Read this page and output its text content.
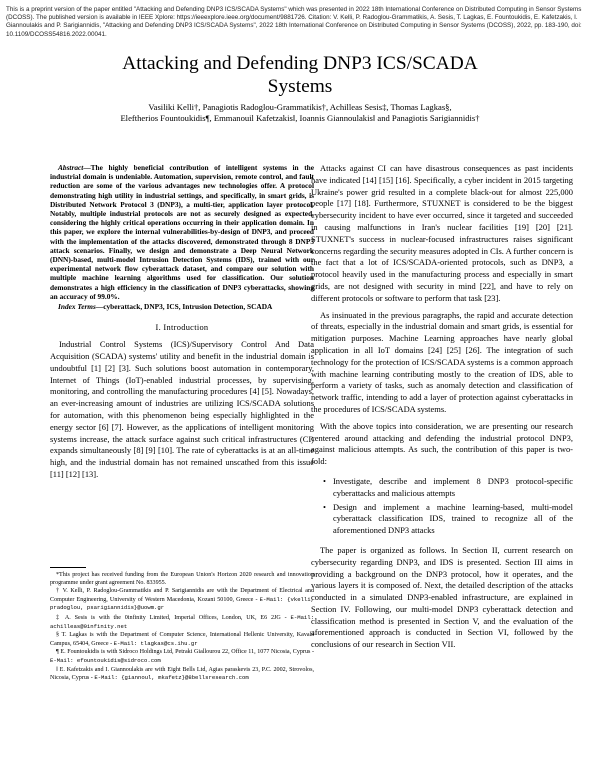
This is a preprint version of the paper entitled "Attacking and Defending DNP3 ICS/SCADA Systems" which was presented in 2022 18th International Conference on Distributed Computing in Sensor Systems (DCOSS). The published version is available in IEEE Xplore: https://ieeexplore.ieee.org/document/9881726. Citation: V. Kelli, P. Radoglou-Grammatikis, A. Sesis, T. Lagkas, E. Fountoukidis, E. Kafetzakis, I. Giannoulakis and P. Sarigiannidis, "Attacking and Defending DNP3 ICS/SCADA Systems", 2022 18th International Conference on Distributed Computing in Sensor Systems (DCOSS), 2022, pp. 183-190, doi: 10.1109/DCOSS54816.2022.00041.
Attacking and Defending DNP3 ICS/SCADA
Systems
Vasiliki Kelli†, Panagiotis Radoglou-Grammatikis†, Achilleas Sesis‡, Thomas Lagkas§,
Eleftherios Fountoukidis¶, Emmanouil Kafetzakis‖, Ioannis Giannoulakis‖ and Panagiotis Sarigiannidis†
Abstract—The highly beneficial contribution of intelligent systems in the industrial domain is undeniable. Automation, supervision, remote control, and fault reduction are some of the various advantages new technologies offer. A protocol demonstrating high utility in industrial settings, and specifically, in smart grids, is Distributed Network Protocol 3 (DNP3), a multi-tier, application layer protocol. Notably, multiple industrial protocols are not as securely designed as expected, considering the highly critical operations occurring in their application domain. In this paper, we explore the internal vulnerabilities-by-design of DNP3, and proceed with the implementation of the attacks discovered, demonstrated through 8 DNP3 attack scenarios. Finally, we design and demonstrate a Deep Neural Network (DNN)-based, multi-model Intrusion Detection Systems (IDS), trained with our experimental network flow cyberattack dataset, and compare our solution with multiple machine learning algorithms used for classification. Our solution demonstrates a high efficiency in the classification of DNP3 cyberattacks, showing an accuracy of 99.0%.
Index Terms—cyberattack, DNP3, ICS, Intrusion Detection, SCADA
I. Introduction

Industrial Control Systems (ICS)/Supervisory Control And Data Acquisition (SCADA) systems' utility and benefit in the industrial domain is undoubtful [1] [2] [3]. Such solutions boost automation in contemporary, Internet of Things (IoT)-enabled industrial processes, by supervising, monitoring, and controlling the manufacturing procedures [4] [5]. Nowadays, an ever-increasing amount of industries are utilizing ICS/SCADA solutions for automation, with this phenomenon being especially highlighted in the energy sector [6] [7]. However, as the applications of intelligent monitoring systems increase, the attack surface against such critical infrastructures (CI) expands simultaneously [8] [9] [10]. The rate of cyberattacks is at an all-time high, and the industrial domain has not remained unscathed from this issue [11] [12] [13].

*This project has received funding from the European Union's Horizon 2020 research and innovation programme under grant agreement No. 833955.

† V. Kelli, P. Radoglou-Grammatikis and P. Sarigiannidis are with the Department of Electrical and Computer Engineering, University of Western Macedonia, Kozani 50100, Greece - E-Mail: {vkelli, pradoglou, psarigiannidis}@uowm.gr

‡ A. Sesis is with the 0infinity Limited, Imperial Offices, London, UK, E6 2JG - E-Mail: achilleas@0infinity.net

§ T. Lagkas is with the Department of Computer Science, International Hellenic University, Kavala Campus, 65404, Greece - E-Mail: tlagkas@cs.ihu.gr

¶ E. Fountoukidis is with Sidroco Holdings Ltd, Petraki Giallourou 22, Office 11, 1077 Nicosia, Cyprus - E-Mail: efountoukidis@sidroco.com

‖ E. Kafetzakis and I. Giannoulakis are with Eight Bells Ltd, Agias paraskevis 23, P.C. 2002, Strovolos, Nicosia, Cyprus - E-Mail: {giannoul, mkafetz}@8bellsresearch.com

Attacks against CI can have disastrous consequences as past incidents have indicated [14] [15] [16]. Specifically, a cyber incident in 2015 targeting Ukraine's power grid resulted in a complete black-out for almost 225,000 people [17] [18]. Furthermore, STUXNET is considered to be the biggest cybersecurity incident to have ever occurred, since it targeted and succeeded in causing malfunctions in Iran's nuclear facilities [19] [20] [21]. STUXNET's success in nuclear-focused infrastructures raises significant concerns regarding the security measures adopted in CIs. A further concern is the fact that a lot of ICS/SCADA-oriented protocols, such as DNP3, a protocol heavily used in the manufacturing process and especially in smart grids, are not designed with security in mind [22], and have to rely on different protocols or software to perform that task [23].

As insinuated in the previous paragraphs, the rapid and accurate detection of threats, especially in the industrial domain and smart grids, is essential for mitigation purposes. Machine Learning approaches have nearly global application in all IoT domains [24] [25] [26]. The integration of such technology for the protection of ICS/SCADA systems is a common approach with machine learning contributing mostly to the creation of IDS, able to perform a variety of tasks, such as anomaly detection and classification of network traffic, intending to add a layer of protection against cyberattacks in the procedures of ICS/SCADA systems.

With the above topics into consideration, we are presenting our research centered around attacking and defending the industrial protocol DNP3, against malicious attempts. As such, the contribution of this paper is two-fold:

• Investigate, describe and implement 8 DNP3 protocol-specific cyberattacks and malicious attempts
• Design and implement a machine learning-based, multi-model cyberattack classification IDS, trained to recognize all of the aforementioned DNP3 attacks

The paper is organized as follows. In Section II, current research on cybersecurity regarding DNP3, and IDS is presented. Section III aims in providing a background on the DNP3 protocol, how it operates, and the various layers it is composed of. Next, the detailed description of the attacks conducted in a simulated DNP3-enabled infrastructure, are explained in Section IV. Following, our multi-model DNP3 cyberattack detection and classification method is presented in Section V, and the evaluation of the aforementioned approach is conducted in Section VI, followed by the conclusions of our research in Section VII.
